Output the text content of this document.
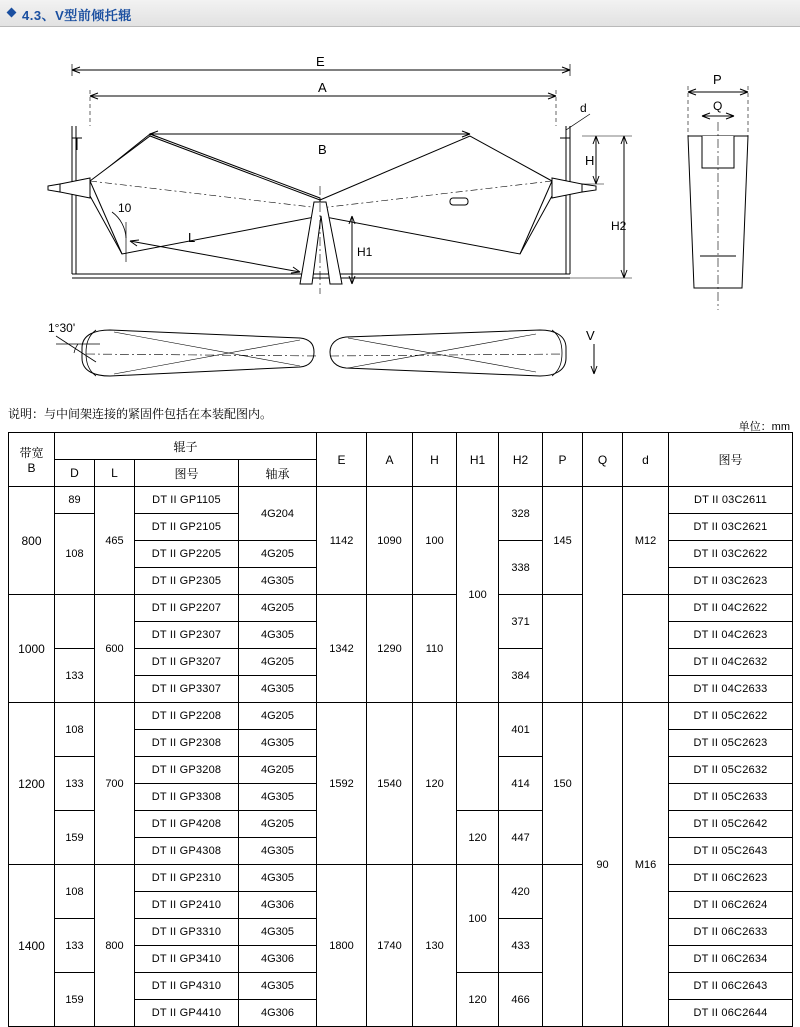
4.3、V型前倾托辊
E
A
B
L
d
H
H1
H2
P
Q
V
10
1°30'
说明：与中间架连接的紧固件包括在本装配图内。
单位：mm
带宽
B	辊子				E	A	H	H1	H2	P	Q	d	图号
	D	L	图号	轴承									
800	89	465	DT II GP1105	4G204	1142	1090	100	100	328	145		M12	DT II 03C2611
	108		DT II GP2105										DT II 03C2621
			DT II GP2205	4G205					338				DT II 03C2622
			DT II GP2305	4G305									DT II 03C2623
1000		600	DT II GP2207	4G205	1342	1290	110		371				DT II 04C2622
			DT II GP2307	4G305									DT II 04C2623
	133		DT II GP3207	4G205					384				DT II 04C2632
			DT II GP3307	4G305									DT II 04C2633
1200	108	700	DT II GP2208	4G205	1592	1540	120		401	150	90	M16	DT II 05C2622
			DT II GP2308	4G305									DT II 05C2623
	133		DT II GP3208	4G205					414				DT II 05C2632
			DT II GP3308	4G305									DT II 05C2633
	159		DT II GP4208	4G205				120	447				DT II 05C2642
			DT II GP4308	4G305									DT II 05C2643
1400	108	800	DT II GP2310	4G305	1800	1740	130	100	420				DT II 06C2623
			DT II GP2410	4G306									DT II 06C2624
	133		DT II GP3310	4G305					433				DT II 06C2633
			DT II GP3410	4G306									DT II 06C2634
	159		DT II GP4310	4G305				120	466				DT II 06C2643
			DT II GP4410	4G306									DT II 06C2644
